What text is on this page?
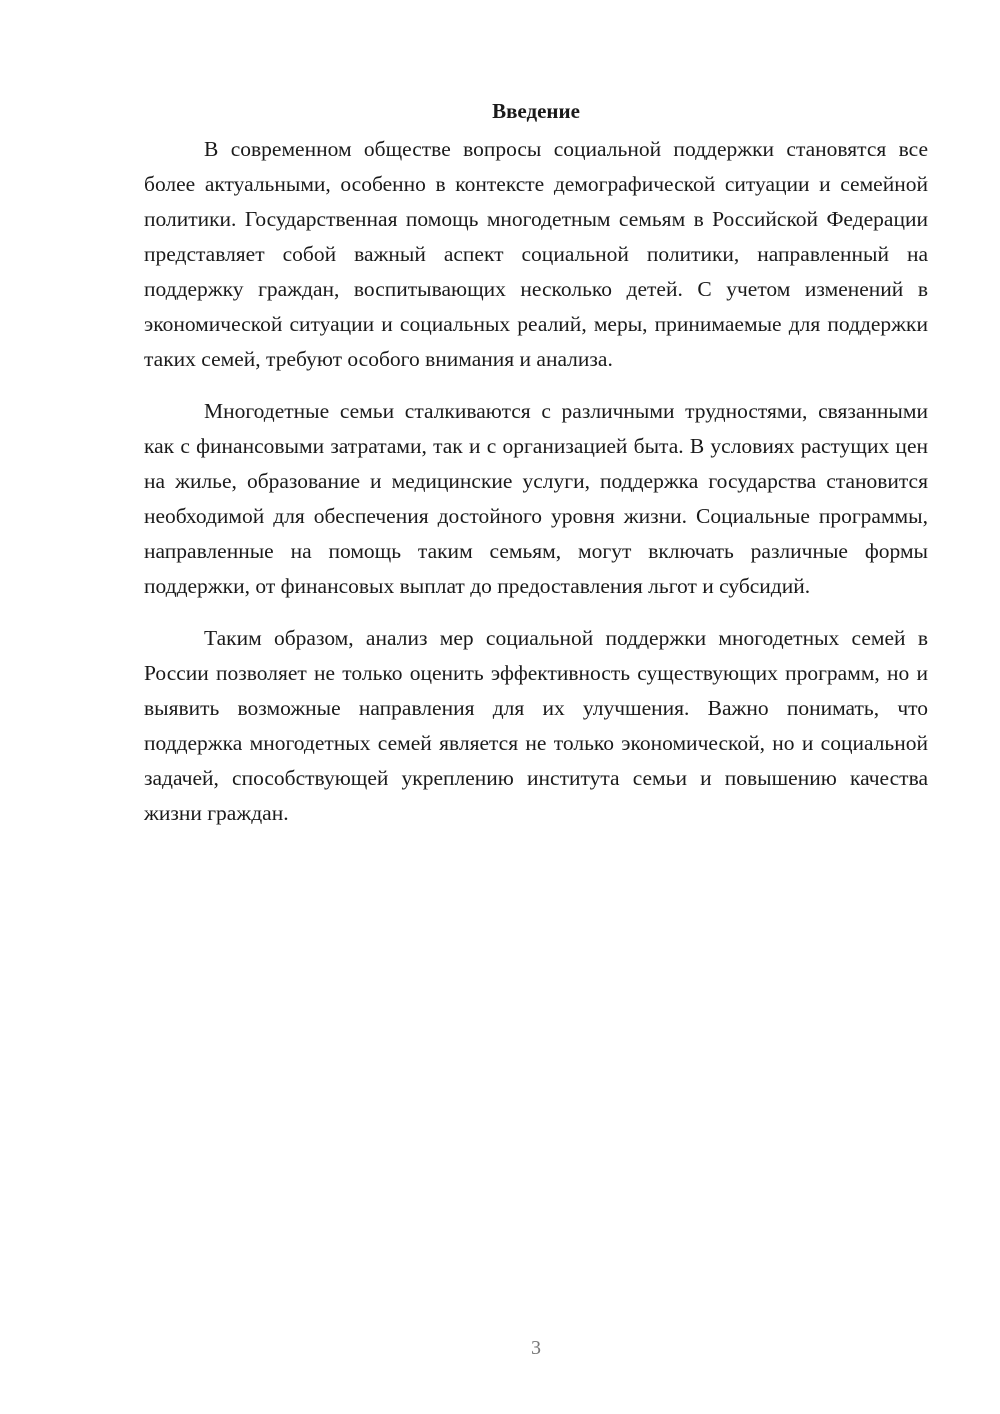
Введение

В современном обществе вопросы социальной поддержки становятся все более актуальными, особенно в контексте демографической ситуации и семейной политики. Государственная помощь многодетным семьям в Российской Федерации представляет собой важный аспект социальной политики, направленный на поддержку граждан, воспитывающих несколько детей. С учетом изменений в экономической ситуации и социальных реалий, меры, принимаемые для поддержки таких семей, требуют особого внимания и анализа.

Многодетные семьи сталкиваются с различными трудностями, связанными как с финансовыми затратами, так и с организацией быта. В условиях растущих цен на жилье, образование и медицинские услуги, поддержка государства становится необходимой для обеспечения достойного уровня жизни. Социальные программы, направленные на помощь таким семьям, могут включать различные формы поддержки, от финансовых выплат до предоставления льгот и субсидий.

Таким образом, анализ мер социальной поддержки многодетных семей в России позволяет не только оценить эффективность существующих программ, но и выявить возможные направления для их улучшения. Важно понимать, что поддержка многодетных семей является не только экономической, но и социальной задачей, способствующей укреплению института семьи и повышению качества жизни граждан.

3
